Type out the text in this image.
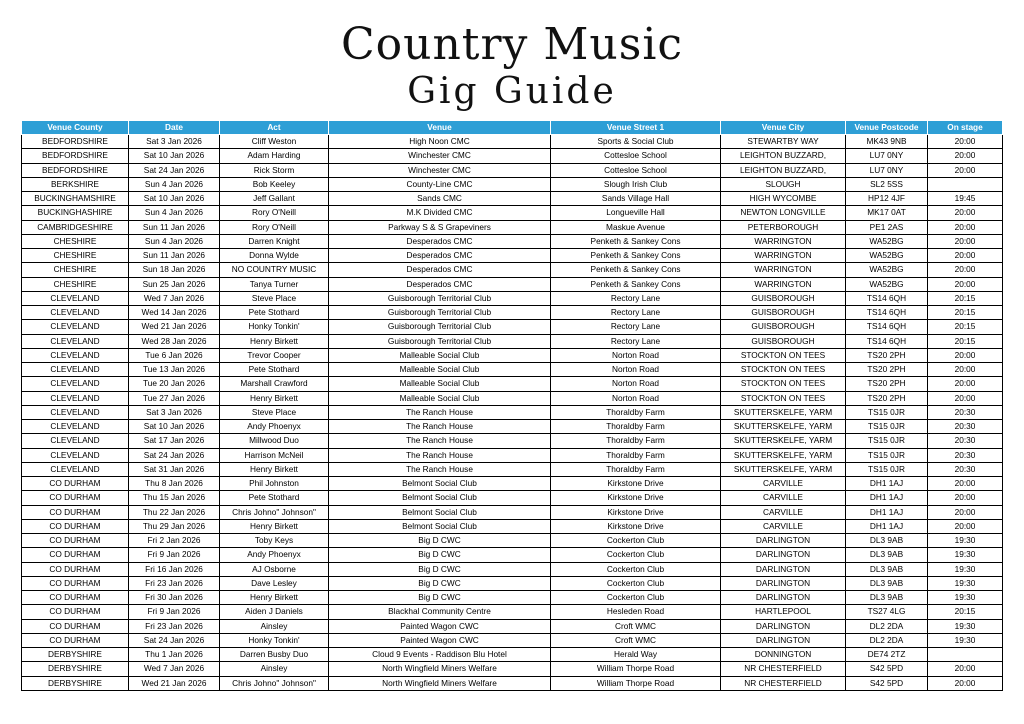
Country Music
Gig Guide
Venue County	Date	Act	Venue	Venue Street 1	Venue City	Venue Postcode	On stage
BEDFORDSHIRE	Sat 3 Jan 2026	Cliff Weston	High Noon CMC	Sports & Social Club	STEWARTBY WAY	MK43 9NB	20:00
BEDFORDSHIRE	Sat 10 Jan 2026	Adam Harding	Winchester CMC	Cottesloe School	LEIGHTON BUZZARD,	LU7 0NY	20:00
BEDFORDSHIRE	Sat 24 Jan 2026	Rick Storm	Winchester CMC	Cottesloe School	LEIGHTON BUZZARD,	LU7 0NY	20:00
BERKSHIRE	Sun 4 Jan 2026	Bob Keeley	County-Line CMC	Slough Irish Club	SLOUGH	SL2 5SS	
BUCKINGHAMSHIRE	Sat 10 Jan 2026	Jeff Gallant	Sands CMC	Sands Village Hall	HIGH WYCOMBE	HP12 4JF	19:45
BUCKINGHASHIRE	Sun 4 Jan 2026	Rory O'Neill	M.K Divided CMC	Longueville Hall	NEWTON LONGVILLE	MK17 0AT	20:00
CAMBRIDGESHIRE	Sun 11 Jan 2026	Rory O'Neill	Parkway S & S Grapeviners	Maskue Avenue	PETERBOROUGH	PE1 2AS	20:00
CHESHIRE	Sun 4 Jan 2026	Darren Knight	Desperados CMC	Penketh & Sankey Cons	WARRINGTON	WA52BG	20:00
CHESHIRE	Sun 11 Jan 2026	Donna Wylde	Desperados CMC	Penketh & Sankey Cons	WARRINGTON	WA52BG	20:00
CHESHIRE	Sun 18 Jan 2026	NO COUNTRY MUSIC	Desperados CMC	Penketh & Sankey Cons	WARRINGTON	WA52BG	20:00
CHESHIRE	Sun 25 Jan 2026	Tanya Turner	Desperados CMC	Penketh & Sankey Cons	WARRINGTON	WA52BG	20:00
CLEVELAND	Wed 7 Jan 2026	Steve Place	Guisborough Territorial Club	Rectory Lane	GUISBOROUGH	TS14 6QH	20:15
CLEVELAND	Wed 14 Jan 2026	Pete Stothard	Guisborough Territorial Club	Rectory Lane	GUISBOROUGH	TS14 6QH	20:15
CLEVELAND	Wed 21 Jan 2026	Honky Tonkin'	Guisborough Territorial Club	Rectory Lane	GUISBOROUGH	TS14 6QH	20:15
CLEVELAND	Wed 28 Jan 2026	Henry Birkett	Guisborough Territorial Club	Rectory Lane	GUISBOROUGH	TS14 6QH	20:15
CLEVELAND	Tue 6 Jan 2026	Trevor Cooper	Malleable Social Club	Norton Road	STOCKTON ON TEES	TS20 2PH	20:00
CLEVELAND	Tue 13 Jan 2026	Pete Stothard	Malleable Social Club	Norton Road	STOCKTON ON TEES	TS20 2PH	20:00
CLEVELAND	Tue 20 Jan 2026	Marshall Crawford	Malleable Social Club	Norton Road	STOCKTON ON TEES	TS20 2PH	20:00
CLEVELAND	Tue 27 Jan 2026	Henry Birkett	Malleable Social Club	Norton Road	STOCKTON ON TEES	TS20 2PH	20:00
CLEVELAND	Sat 3 Jan 2026	Steve Place	The Ranch House	Thoraldby Farm	SKUTTERSKELFE, YARM	TS15 0JR	20:30
CLEVELAND	Sat 10 Jan 2026	Andy Phoenyx	The Ranch House	Thoraldby Farm	SKUTTERSKELFE, YARM	TS15 0JR	20:30
CLEVELAND	Sat 17 Jan 2026	Millwood Duo	The Ranch House	Thoraldby Farm	SKUTTERSKELFE, YARM	TS15 0JR	20:30
CLEVELAND	Sat 24 Jan 2026	Harrison McNeil	The Ranch House	Thoraldby Farm	SKUTTERSKELFE, YARM	TS15 0JR	20:30
CLEVELAND	Sat 31 Jan 2026	Henry Birkett	The Ranch House	Thoraldby Farm	SKUTTERSKELFE, YARM	TS15 0JR	20:30
CO DURHAM	Thu 8 Jan 2026	Phil Johnston	Belmont Social Club	Kirkstone Drive	CARVILLE	DH1 1AJ	20:00
CO DURHAM	Thu 15 Jan 2026	Pete Stothard	Belmont Social Club	Kirkstone Drive	CARVILLE	DH1 1AJ	20:00
CO DURHAM	Thu 22 Jan 2026	Chris Johno" Johnson"	Belmont Social Club	Kirkstone Drive	CARVILLE	DH1 1AJ	20:00
CO DURHAM	Thu 29 Jan 2026	Henry Birkett	Belmont Social Club	Kirkstone Drive	CARVILLE	DH1 1AJ	20:00
CO DURHAM	Fri 2 Jan 2026	Toby Keys	Big D CWC	Cockerton Club	DARLINGTON	DL3 9AB	19:30
CO DURHAM	Fri 9 Jan 2026	Andy Phoenyx	Big D CWC	Cockerton Club	DARLINGTON	DL3 9AB	19:30
CO DURHAM	Fri 16 Jan 2026	AJ Osborne	Big D CWC	Cockerton Club	DARLINGTON	DL3 9AB	19:30
CO DURHAM	Fri 23 Jan 2026	Dave Lesley	Big D CWC	Cockerton Club	DARLINGTON	DL3 9AB	19:30
CO DURHAM	Fri 30 Jan 2026	Henry Birkett	Big D CWC	Cockerton Club	DARLINGTON	DL3 9AB	19:30
CO DURHAM	Fri 9 Jan 2026	Aiden J Daniels	Blackhal Community Centre	Hesleden Road	HARTLEPOOL	TS27 4LG	20:15
CO DURHAM	Fri 23 Jan 2026	Ainsley	Painted Wagon CWC	Croft WMC	DARLINGTON	DL2 2DA	19:30
CO DURHAM	Sat 24 Jan 2026	Honky Tonkin'	Painted Wagon CWC	Croft WMC	DARLINGTON	DL2 2DA	19:30
DERBYSHIRE	Thu 1 Jan 2026	Darren Busby Duo	Cloud 9 Events - Raddison Blu Hotel	Herald Way	DONNINGTON	DE74 2TZ	
DERBYSHIRE	Wed 7 Jan 2026	Ainsley	North Wingfield Miners Welfare	William Thorpe Road	NR CHESTERFIELD	S42 5PD	20:00
DERBYSHIRE	Wed 21 Jan 2026	Chris Johno" Johnson"	North Wingfield Miners Welfare	William Thorpe Road	NR CHESTERFIELD	S42 5PD	20:00
